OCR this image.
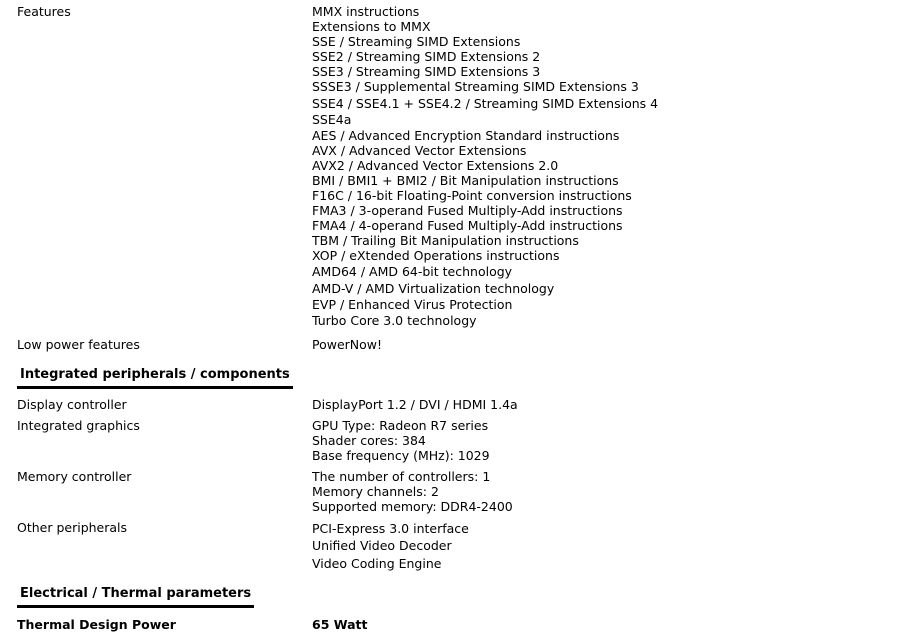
Features	MMX instructions
Extensions to MMX
SSE / Streaming SIMD Extensions
SSE2 / Streaming SIMD Extensions 2
SSE3 / Streaming SIMD Extensions 3
SSSE3 / Supplemental Streaming SIMD Extensions 3
SSE4 / SSE4.1 + SSE4.2 / Streaming SIMD Extensions 4
SSE4a
AES / Advanced Encryption Standard instructions
AVX / Advanced Vector Extensions
AVX2 / Advanced Vector Extensions 2.0
BMI / BMI1 + BMI2 / Bit Manipulation instructions
F16C / 16-bit Floating-Point conversion instructions
FMA3 / 3-operand Fused Multiply-Add instructions
FMA4 / 4-operand Fused Multiply-Add instructions
TBM / Trailing Bit Manipulation instructions
XOP / eXtended Operations instructions
AMD64 / AMD 64-bit technology
AMD-V / AMD Virtualization technology
EVP / Enhanced Virus Protection
Turbo Core 3.0 technology
Low power features	PowerNow!
Integrated peripherals / components
Display controller	DisplayPort 1.2 / DVI / HDMI 1.4a
Integrated graphics	GPU Type: Radeon R7 series
Shader cores: 384
Base frequency (MHz): 1029
Memory controller	The number of controllers: 1
Memory channels: 2
Supported memory: DDR4-2400
Other peripherals	PCI-Express 3.0 interface
Unified Video Decoder
Video Coding Engine
Electrical / Thermal parameters
Thermal Design Power	65 Watt
